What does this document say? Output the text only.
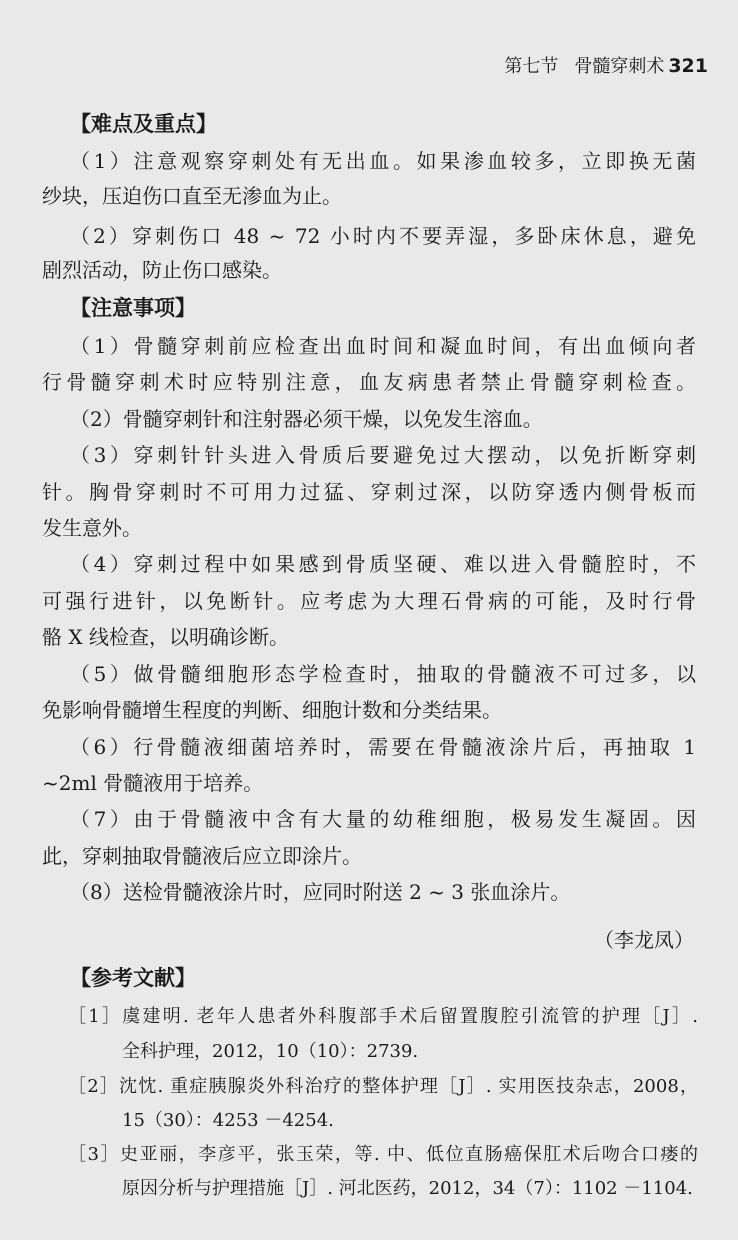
第七节 骨髓穿刺术 321
【难点及重点】
（1）注意观察穿刺处有无出血。如果渗血较多，立即换无菌
纱块，压迫伤口直至无渗血为止。
（2）穿刺伤口 48 ~ 72 小时内不要弄湿，多卧床休息，避免
剧烈活动，防止伤口感染。
【注意事项】
（1）骨髓穿刺前应检查出血时间和凝血时间，有出血倾向者
行骨髓穿刺术时应特别注意，血友病患者禁止骨髓穿刺检查。
（2）骨髓穿刺针和注射器必须干燥，以免发生溶血。
（3）穿刺针针头进入骨质后要避免过大摆动，以免折断穿刺
针。胸骨穿刺时不可用力过猛、穿刺过深，以防穿透内侧骨板而
发生意外。
（4）穿刺过程中如果感到骨质坚硬、难以进入骨髓腔时，不
可强行进针，以免断针。应考虑为大理石骨病的可能，及时行骨
骼 X 线检查，以明确诊断。
（5）做骨髓细胞形态学检查时，抽取的骨髓液不可过多，以
免影响骨髓增生程度的判断、细胞计数和分类结果。
（6）行骨髓液细菌培养时，需要在骨髓液涂片后，再抽取 1
~2ml 骨髓液用于培养。
（7）由于骨髓液中含有大量的幼稚细胞，极易发生凝固。因
此，穿刺抽取骨髓液后应立即涂片。
（8）送检骨髓液涂片时，应同时附送 2 ~ 3 张血涂片。
（李龙凤）
【参考文献】
［1］虞建明. 老年人患者外科腹部手术后留置腹腔引流管的护理［J］.
全科护理，2012，10（10）：2739.
［2］沈忱. 重症胰腺炎外科治疗的整体护理［J］. 实用医技杂志，2008，
15（30）：4253 －4254.
［3］史亚丽，李彦平，张玉荣，等. 中、低位直肠癌保肛术后吻合口瘘的
原因分析与护理措施［J］. 河北医药，2012，34（7）：1102 －1104.
